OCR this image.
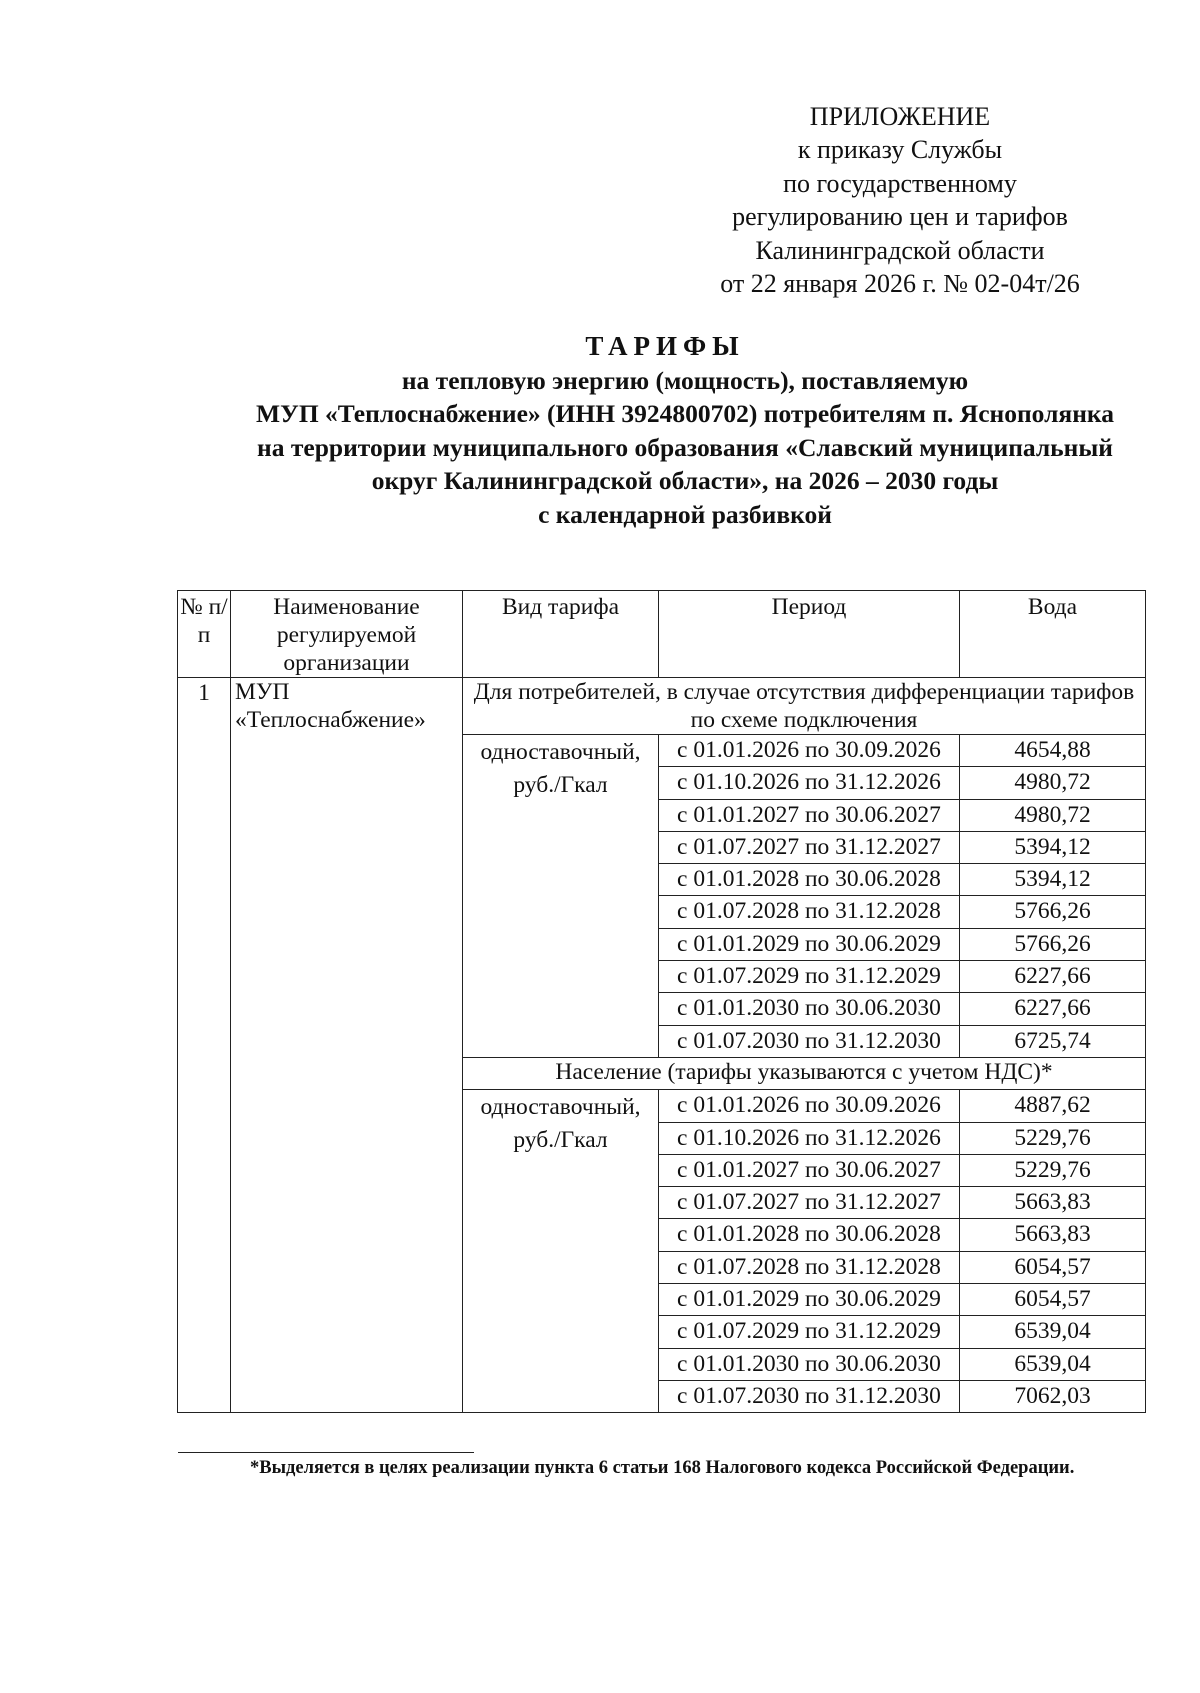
ПРИЛОЖЕНИЕ
к приказу Службы
по государственному
регулированию цен и тарифов
Калининградской области
от 22 января 2026 г. № 02-04т/26
ТАРИФЫ
на тепловую энергию (мощность), поставляемую
МУП «Теплоснабжение» (ИНН 3924800702) потребителям п. Яснополянка
на территории муниципального образования «Славский муниципальный
округ Калининградской области», на 2026 – 2030 годы
с календарной разбивкой
№ п/п	Наименование регулируемой организации	Вид тарифа	Период	Вода
1	МУП «Теплоснабжение»	Для потребителей, в случае отсутствия дифференциации тарифов по схеме подключения		
		одноставочный, руб./Гкал	с 01.01.2026 по 30.09.2026	4654,88
			с 01.10.2026 по 31.12.2026	4980,72
			с 01.01.2027 по 30.06.2027	4980,72
			с 01.07.2027 по 31.12.2027	5394,12
			с 01.01.2028 по 30.06.2028	5394,12
			с 01.07.2028 по 31.12.2028	5766,26
			с 01.01.2029 по 30.06.2029	5766,26
			с 01.07.2029 по 31.12.2029	6227,66
			с 01.01.2030 по 30.06.2030	6227,66
			с 01.07.2030 по 31.12.2030	6725,74
		Население (тарифы указываются с учетом НДС)*		
		одноставочный, руб./Гкал	с 01.01.2026 по 30.09.2026	4887,62
			с 01.10.2026 по 31.12.2026	5229,76
			с 01.01.2027 по 30.06.2027	5229,76
			с 01.07.2027 по 31.12.2027	5663,83
			с 01.01.2028 по 30.06.2028	5663,83
			с 01.07.2028 по 31.12.2028	6054,57
			с 01.01.2029 по 30.06.2029	6054,57
			с 01.07.2029 по 31.12.2029	6539,04
			с 01.01.2030 по 30.06.2030	6539,04
			с 01.07.2030 по 31.12.2030	7062,03
*Выделяется в целях реализации пункта 6 статьи 168 Налогового кодекса Российской Федерации.
